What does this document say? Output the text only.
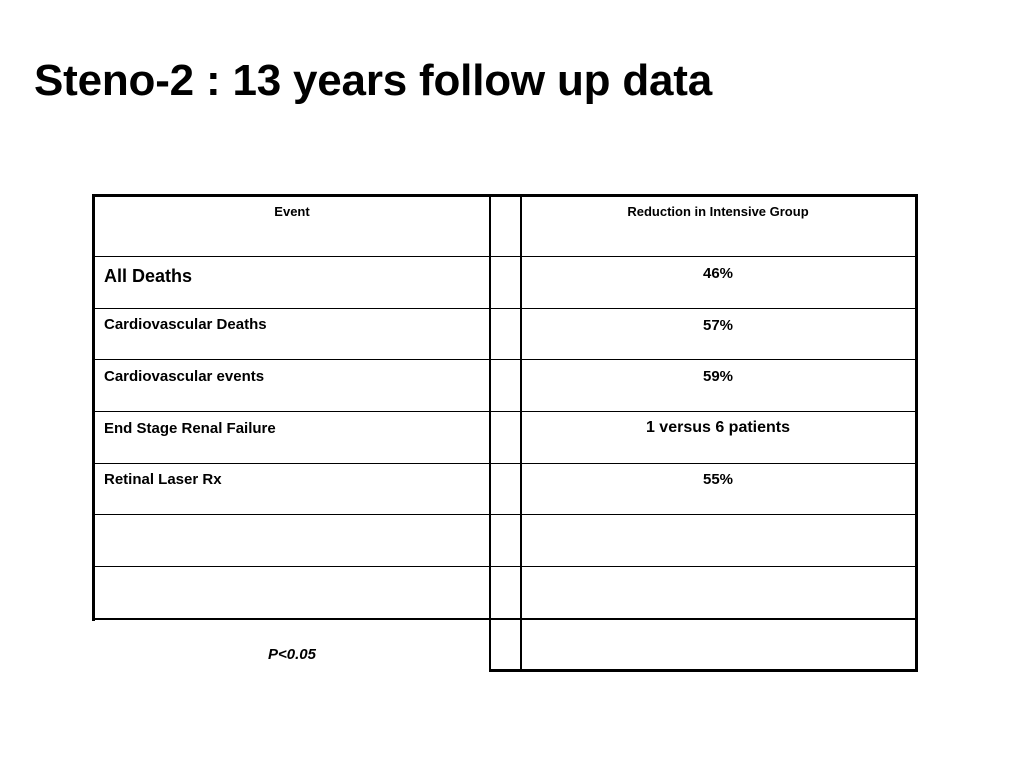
Steno-2 : 13 years follow up data
Event	Reduction in Intensive Group
All Deaths	46%
Cardiovascular Deaths	57%
Cardiovascular events	59%
End Stage Renal Failure	1 versus 6 patients
Retinal Laser Rx	55%
P<0.05
